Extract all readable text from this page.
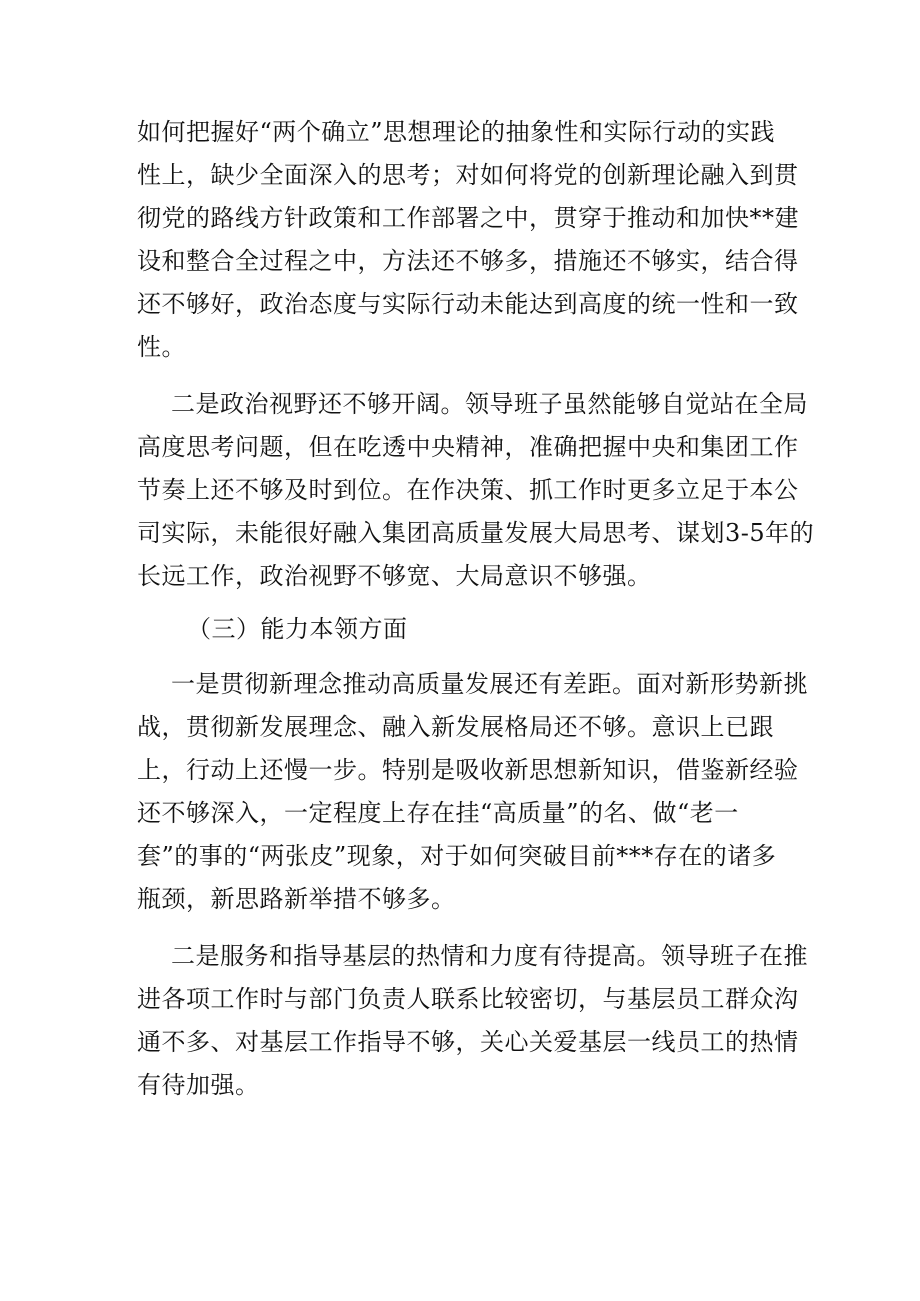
如何把握好“两个确立”思想理论的抽象性和实际行动的实践
性上，缺少全面深入的思考；对如何将党的创新理论融入到贯
彻党的路线方针政策和工作部署之中，贯穿于推动和加快**建
设和整合全过程之中，方法还不够多，措施还不够实，结合得
还不够好，政治态度与实际行动未能达到高度的统一性和一致
性。
二是政治视野还不够开阔。领导班子虽然能够自觉站在全局
高度思考问题，但在吃透中央精神，准确把握中央和集团工作
节奏上还不够及时到位。在作决策、抓工作时更多立足于本公
司实际，未能很好融入集团高质量发展大局思考、谋划3-5年的
长远工作，政治视野不够宽、大局意识不够强。
（三）能力本领方面
一是贯彻新理念推动高质量发展还有差距。面对新形势新挑
战，贯彻新发展理念、融入新发展格局还不够。意识上已跟
上，行动上还慢一步。特别是吸收新思想新知识，借鉴新经验
还不够深入，一定程度上存在挂“高质量”的名、做“老一
套”的事的“两张皮”现象，对于如何突破目前***存在的诸多
瓶颈，新思路新举措不够多。
二是服务和指导基层的热情和力度有待提高。领导班子在推
进各项工作时与部门负责人联系比较密切，与基层员工群众沟
通不多、对基层工作指导不够，关心关爱基层一线员工的热情
有待加强。
